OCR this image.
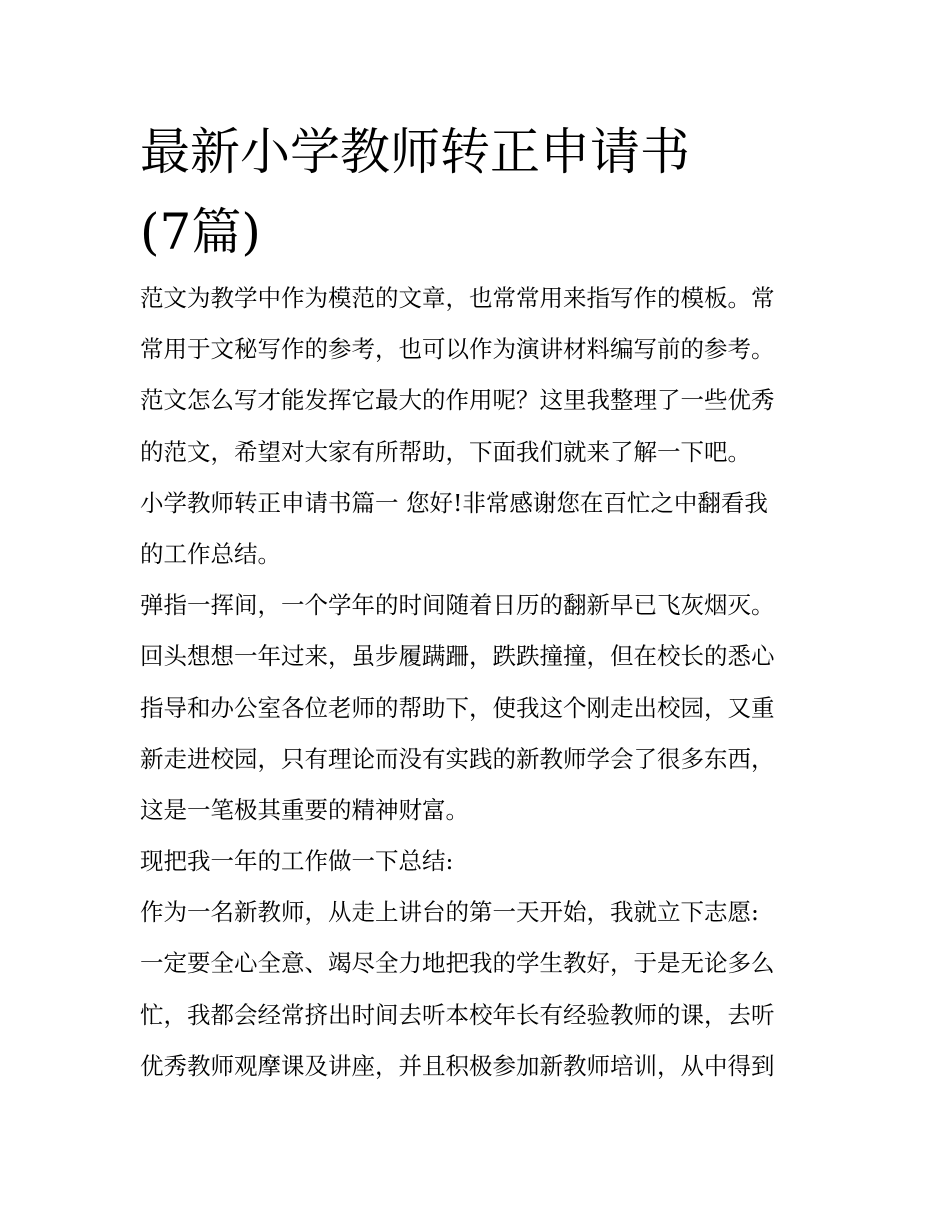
最新小学教师转正申请书(7篇)
范文为教学中作为模范的文章，也常常用来指写作的模板。常
常用于文秘写作的参考，也可以作为演讲材料编写前的参考。
范文怎么写才能发挥它最大的作用呢？这里我整理了一些优秀
的范文，希望对大家有所帮助，下面我们就来了解一下吧。
小学教师转正申请书篇一 您好!非常感谢您在百忙之中翻看我
的工作总结。
弹指一挥间，一个学年的时间随着日历的翻新早已飞灰烟灭。
回头想想一年过来，虽步履蹒跚，跌跌撞撞，但在校长的悉心
指导和办公室各位老师的帮助下，使我这个刚走出校园，又重
新走进校园，只有理论而没有实践的新教师学会了很多东西，
这是一笔极其重要的精神财富。
现把我一年的工作做一下总结:
作为一名新教师，从走上讲台的第一天开始，我就立下志愿:
一定要全心全意、竭尽全力地把我的学生教好，于是无论多么
忙，我都会经常挤出时间去听本校年长有经验教师的课，去听
优秀教师观摩课及讲座，并且积极参加新教师培训，从中得到
